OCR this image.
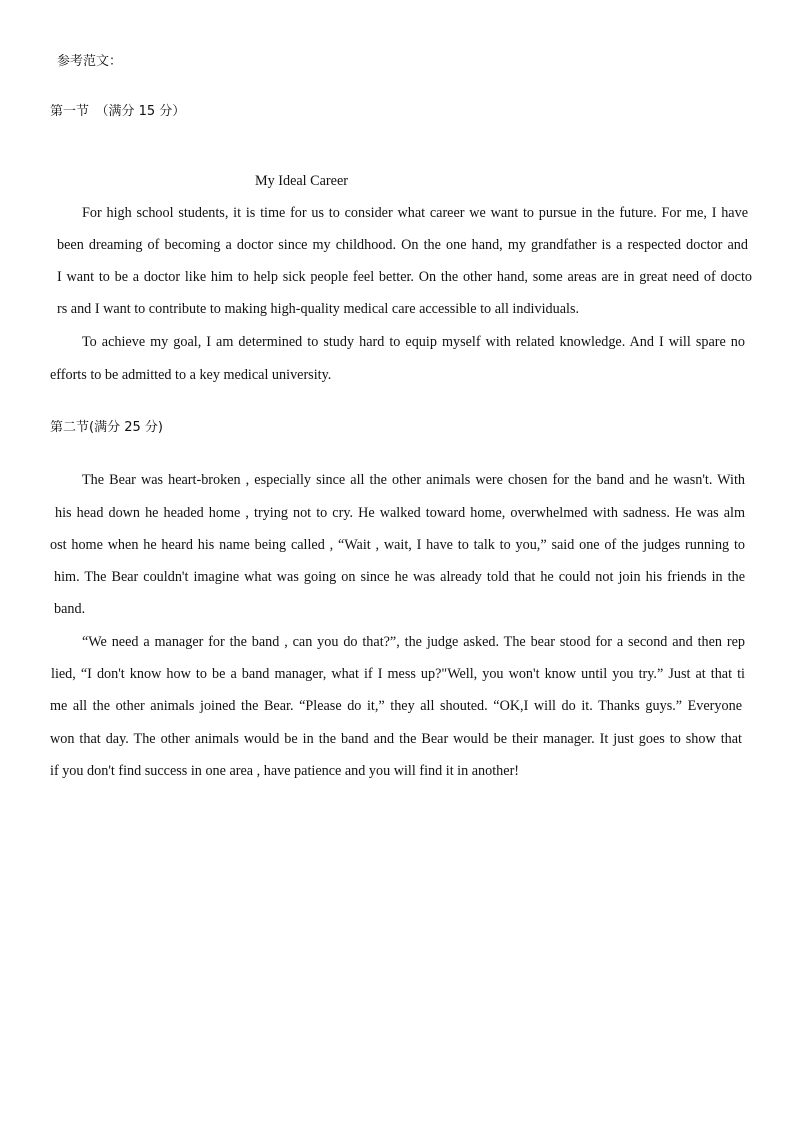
参考范文：
第一节　（满分 15 分）
My Ideal Career
For high school students, it is time for us to consider what career we want to pursue in the future. For me, I have
been dreaming of becoming a doctor since my childhood. On the one hand, my grandfather is a respected doctor and
I want to be a doctor like him to help sick people feel better. On the other hand, some areas are in great need of docto
rs and I want to contribute to making high-quality medical care accessible to all individuals.
To achieve my goal, I am determined to study hard to equip myself with related knowledge. And I will spare no
efforts to be admitted to a key medical university.
第二节(满分 25 分)
The Bear was heart-broken , especially since all the other animals were chosen for the band and he wasn't. With
his head down he headed home , trying not to cry. He walked toward home, overwhelmed with sadness. He was alm
ost home when he heard his name being called , “Wait , wait, I have to talk to you,” said one of the judges running to
him. The Bear couldn't imagine what was going on since he was already told that he could not join his friends in the
band.
“We need a manager for the band , can you do that?”, the judge asked. The bear stood for a second and then rep
lied, “I don't know how to be a band manager, what if I mess up?"Well, you won't know until you try.” Just at that ti
me all the other animals joined the Bear. “Please do it,” they all shouted. “OK,I will do it. Thanks guys.” Everyone
won that day. The other animals would be in the band and the Bear would be their manager. It just goes to show that
if you don't find success in one area , have patience and you will find it in another!
